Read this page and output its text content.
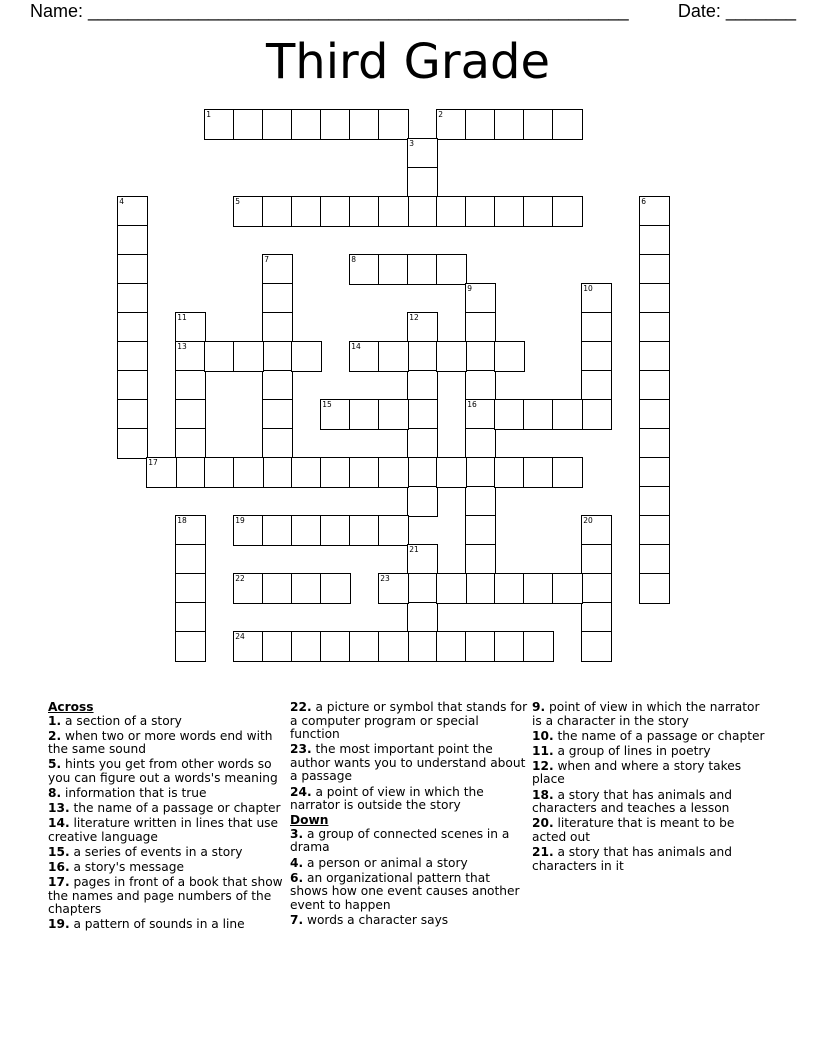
Name: ______________________________________________________	Date: _______
Third Grade
1	2
3
4	5	6
7	8
9
16
10
11
13
12
14
15
17
18	19	20
21
22	23
24
Across
1. a section of a story
2. when two or more words end with the same sound
5. hints you get from other words so you can figure out a words's meaning
8. information that is true
13. the name of a passage or chapter
14. literature written in lines that use creative language
15. a series of events in a story
16. a story's message
17. pages in front of a book that show the names and page numbers of the chapters
19. a pattern of sounds in a line
22. a picture or symbol that stands for a computer program or special function
23. the most important point the author wants you to understand about a passage
24. a point of view in which the narrator is outside the story
Down
3. a group of connected scenes in a drama
4. a person or animal a story
6. an organizational pattern that shows how one event causes another event to happen
7. words a character says
9. point of view in which the narrator is a character in the story
10. the name of a passage or chapter
11. a group of lines in poetry
12. when and where a story takes place
18. a story that has animals and characters and teaches a lesson
20. literature that is meant to be acted out
21. a story that has animals and characters in it
